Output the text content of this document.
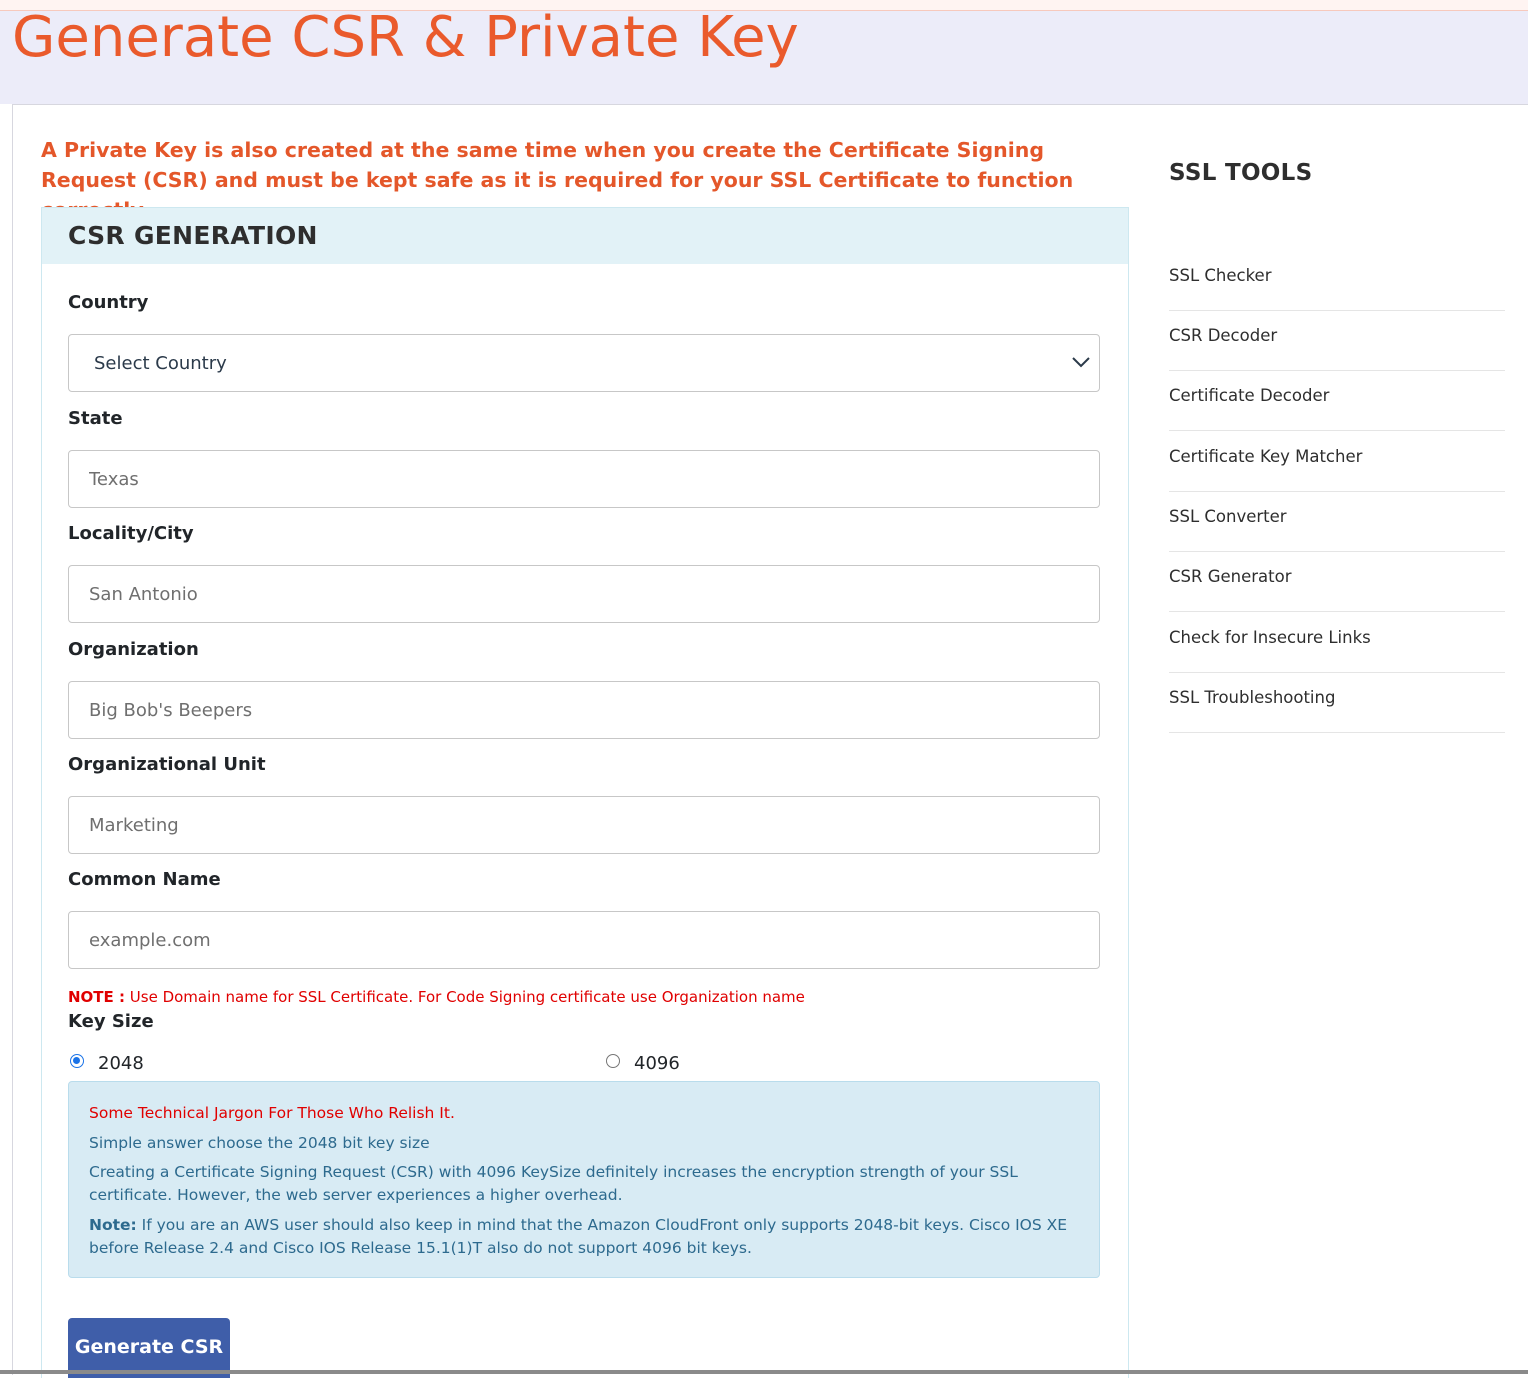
Generate CSR & Private Key

A Private Key is also created at the same time when you create the Certificate Signing Request (CSR) and must be kept safe as it is required for your SSL Certificate to function

CSR GENERATION
Country
Select Country
State
Texas
Locality/City
San Antonio
Organization
Big Bob's Beepers
Organizational Unit
Marketing
Common Name
example.com
NOTE : Use Domain name for SSL Certificate. For Code Signing certificate use Organization name
Key Size
2048	4096

Some Technical Jargon For Those Who Relish It.

Simple answer choose the 2048 bit key size

Creating a Certificate Signing Request (CSR) with 4096 KeySize definitely increases the encryption strength of your SSL certificate. However, the web server experiences a higher overhead.

Note: If you are an AWS user should also keep in mind that the Amazon CloudFront only supports 2048-bit keys. Cisco IOS XE before Release 2.4 and Cisco IOS Release 15.1(1)T also do not support 4096 bit keys.

Generate CSR
SSL TOOLS
SSL Checker
CSR Decoder
Certificate Decoder
Certificate Key Matcher
SSL Converter
CSR Generator
Check for Insecure Links
SSL Troubleshooting
